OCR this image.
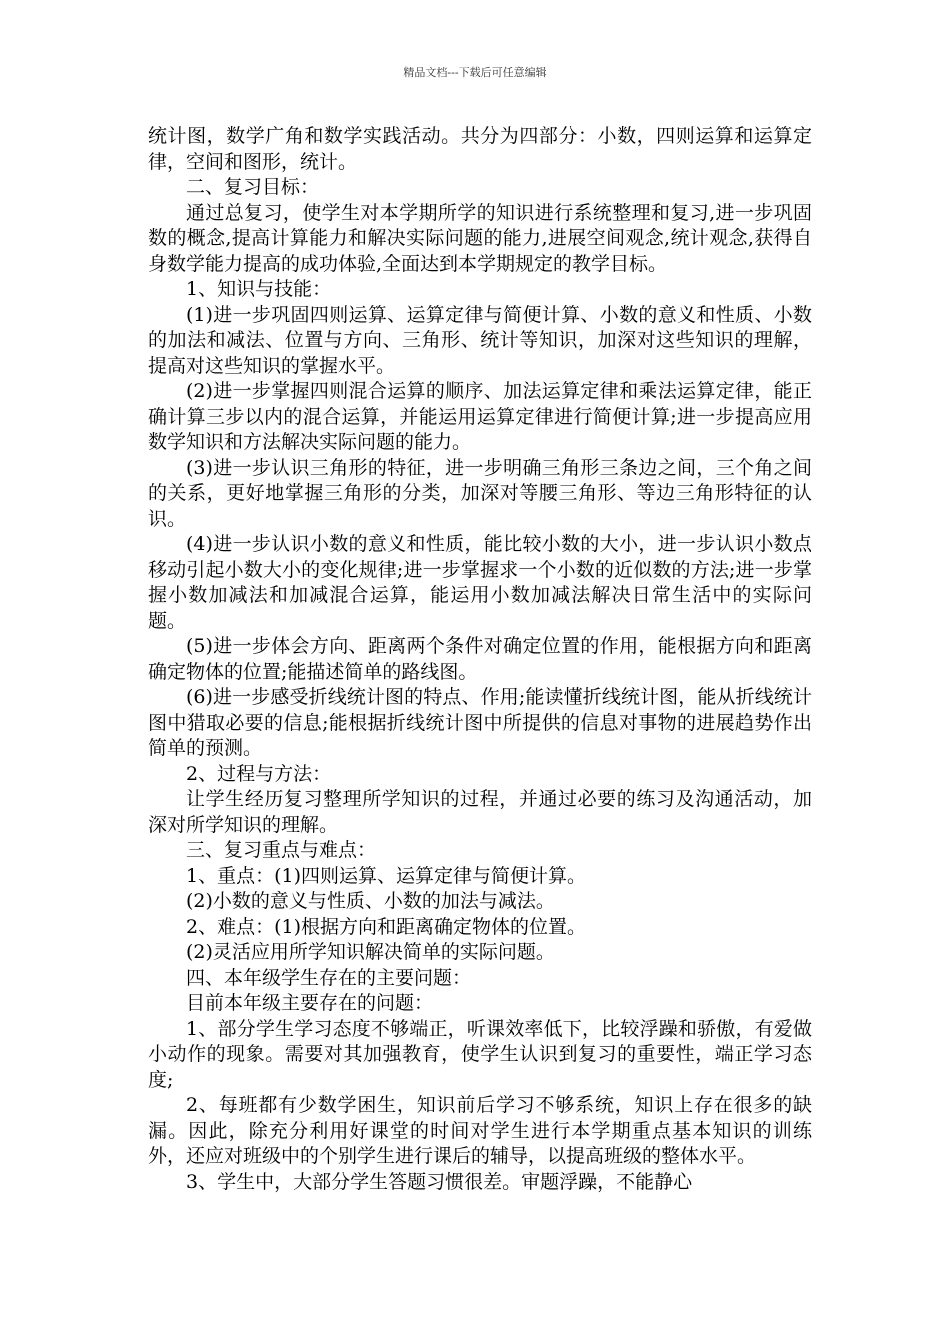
精品文档---下载后可任意编辑

统计图，数学广角和数学实践活动。共分为四部分：小数，四则运算和运算定律，空间和图形，统计。

二、复习目标：

通过总复习，使学生对本学期所学的知识进行系统整理和复习,进一步巩固数的概念,提高计算能力和解决实际问题的能力,进展空间观念,统计观念,获得自身数学能力提高的成功体验,全面达到本学期规定的教学目标。

1、知识与技能：

(1)进一步巩固四则运算、运算定律与简便计算、小数的意义和性质、小数的加法和减法、位置与方向、三角形、统计等知识，加深对这些知识的理解，提高对这些知识的掌握水平。

(2)进一步掌握四则混合运算的顺序、加法运算定律和乘法运算定律，能正确计算三步以内的混合运算，并能运用运算定律进行简便计算;进一步提高应用数学知识和方法解决实际问题的能力。

(3)进一步认识三角形的特征，进一步明确三角形三条边之间，三个角之间的关系，更好地掌握三角形的分类，加深对等腰三角形、等边三角形特征的认识。

(4)进一步认识小数的意义和性质，能比较小数的大小，进一步认识小数点移动引起小数大小的变化规律;进一步掌握求一个小数的近似数的方法;进一步掌握小数加减法和加减混合运算，能运用小数加减法解决日常生活中的实际问题。

(5)进一步体会方向、距离两个条件对确定位置的作用，能根据方向和距离确定物体的位置;能描述简单的路线图。

(6)进一步感受折线统计图的特点、作用;能读懂折线统计图，能从折线统计图中猎取必要的信息;能根据折线统计图中所提供的信息对事物的进展趋势作出简单的预测。

2、过程与方法：

让学生经历复习整理所学知识的过程，并通过必要的练习及沟通活动，加深对所学知识的理解。

三、复习重点与难点：

1、重点：(1)四则运算、运算定律与简便计算。

(2)小数的意义与性质、小数的加法与减法。

2、难点：(1)根据方向和距离确定物体的位置。

(2)灵活应用所学知识解决简单的实际问题。

四、本年级学生存在的主要问题：

目前本年级主要存在的问题：

1、部分学生学习态度不够端正，听课效率低下，比较浮躁和骄傲，有爱做小动作的现象。需要对其加强教育，使学生认识到复习的重要性，端正学习态度;

2、每班都有少数学困生，知识前后学习不够系统，知识上存在很多的缺漏。因此，除充分利用好课堂的时间对学生进行本学期重点基本知识的训练外，还应对班级中的个别学生进行课后的辅导，以提高班级的整体水平。

3、学生中，大部分学生答题习惯很差。审题浮躁，不能静心
